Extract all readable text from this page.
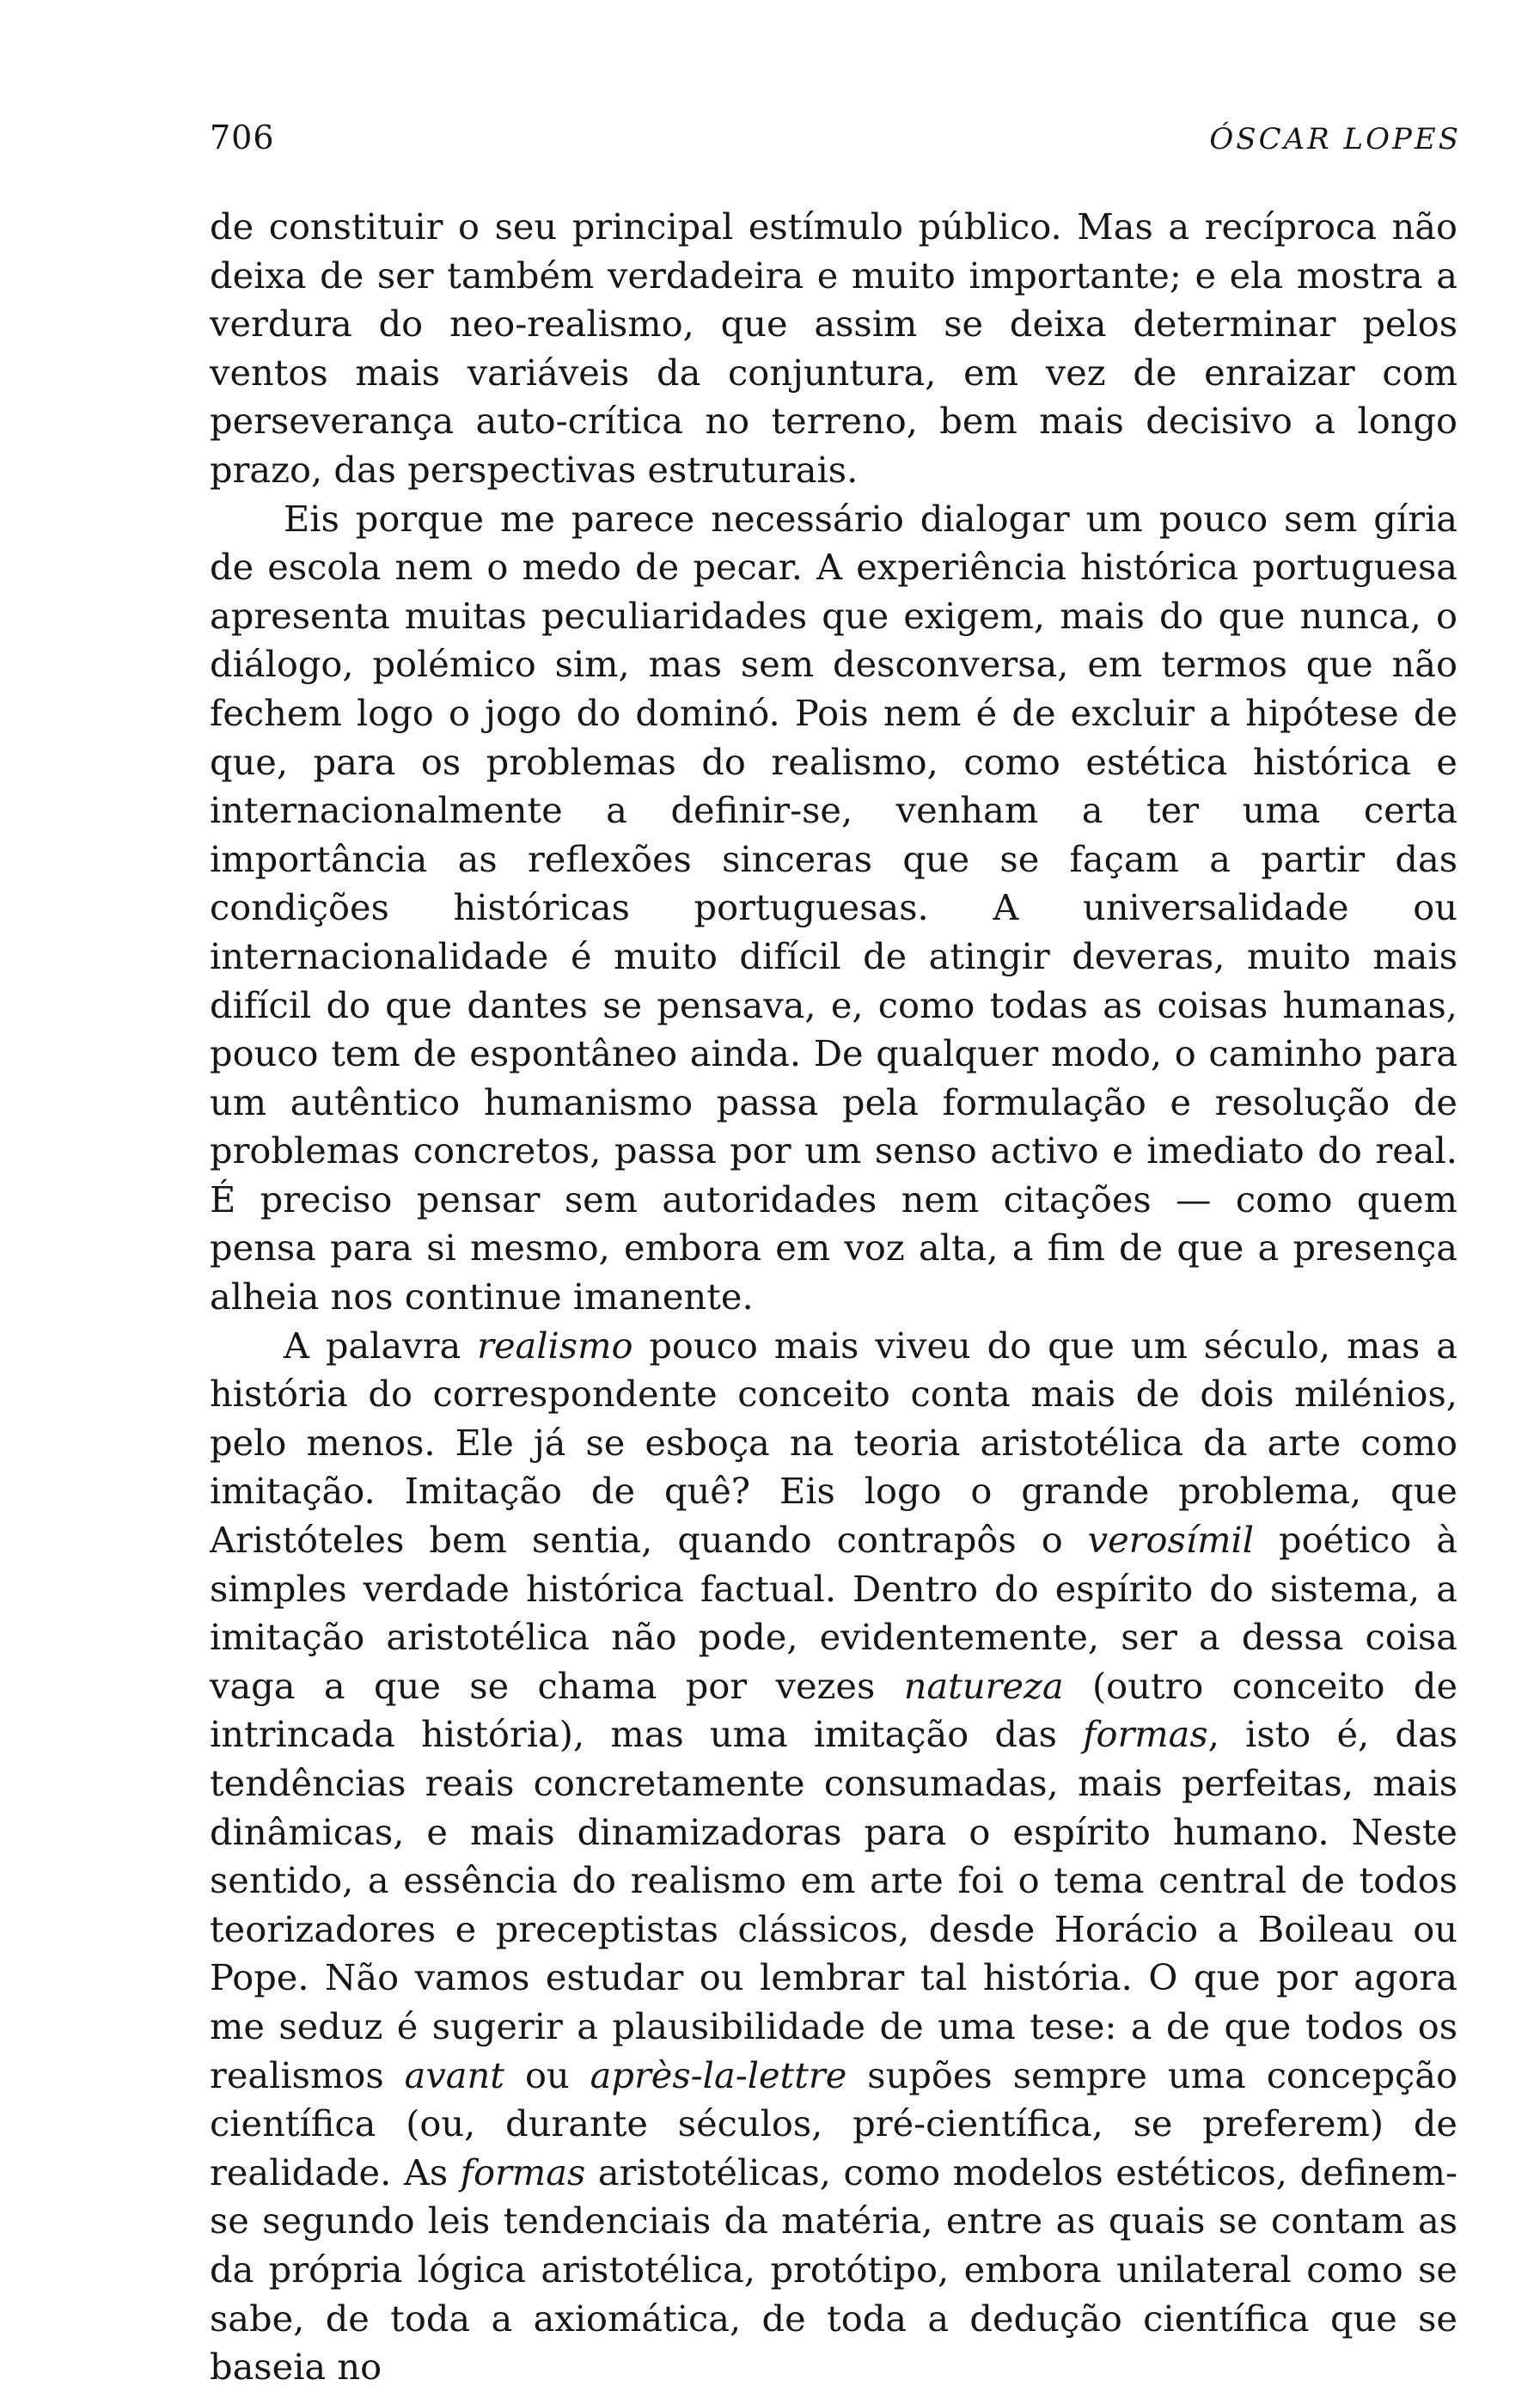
706	ÓSCAR LOPES

de constituir o seu principal estímulo público. Mas a recíproca não deixa de ser também verdadeira e muito importante; e ela mostra a verdura do neo-realismo, que assim se deixa determinar pelos ventos mais variáveis da conjuntura, em vez de enraizar com perseverança auto-crítica no terreno, bem mais decisivo a longo prazo, das perspectivas estruturais.

Eis porque me parece necessário dialogar um pouco sem gíria de escola nem o medo de pecar. A experiência histórica portuguesa apresenta muitas peculiaridades que exigem, mais do que nunca, o diálogo, polémico sim, mas sem desconversa, em termos que não fechem logo o jogo do dominó. Pois nem é de excluir a hipótese de que, para os problemas do realismo, como estética histórica e internacionalmente a definir-se, venham a ter uma certa importância as reflexões sinceras que se façam a partir das condições históricas portuguesas. A universalidade ou internacionalidade é muito difícil de atingir deveras, muito mais difícil do que dantes se pensava, e, como todas as coisas humanas, pouco tem de espontâneo ainda. De qualquer modo, o caminho para um autêntico humanismo passa pela formulação e resolução de problemas concretos, passa por um senso activo e imediato do real. É preciso pensar sem autoridades nem citações — como quem pensa para si mesmo, embora em voz alta, a fim de que a presença alheia nos continue imanente.

A palavra realismo pouco mais viveu do que um século, mas a história do correspondente conceito conta mais de dois milénios, pelo menos. Ele já se esboça na teoria aristotélica da arte como imitação. Imitação de quê? Eis logo o grande problema, que Aristóteles bem sentia, quando contrapôs o verosímil poético à simples verdade histórica factual. Dentro do espírito do sistema, a imitação aristotélica não pode, evidentemente, ser a dessa coisa vaga a que se chama por vezes natureza (outro conceito de intrincada história), mas uma imitação das formas, isto é, das tendências reais concretamente consumadas, mais perfeitas, mais dinâmicas, e mais dinamizadoras para o espírito humano. Neste sentido, a essência do realismo em arte foi o tema central de todos teorizadores e preceptistas clássicos, desde Horácio a Boileau ou Pope. Não vamos estudar ou lembrar tal história. O que por agora me seduz é sugerir a plausibilidade de uma tese: a de que todos os realismos avant ou après-la-lettre supões sempre uma concepção científica (ou, durante séculos, pré-científica, se preferem) de realidade. As formas aristotélicas, como modelos estéticos, definem-se segundo leis tendenciais da matéria, entre as quais se contam as da própria lógica aristotélica, protótipo, embora unilateral como se sabe, de toda a axiomática, de toda a dedução científica que se baseia no
